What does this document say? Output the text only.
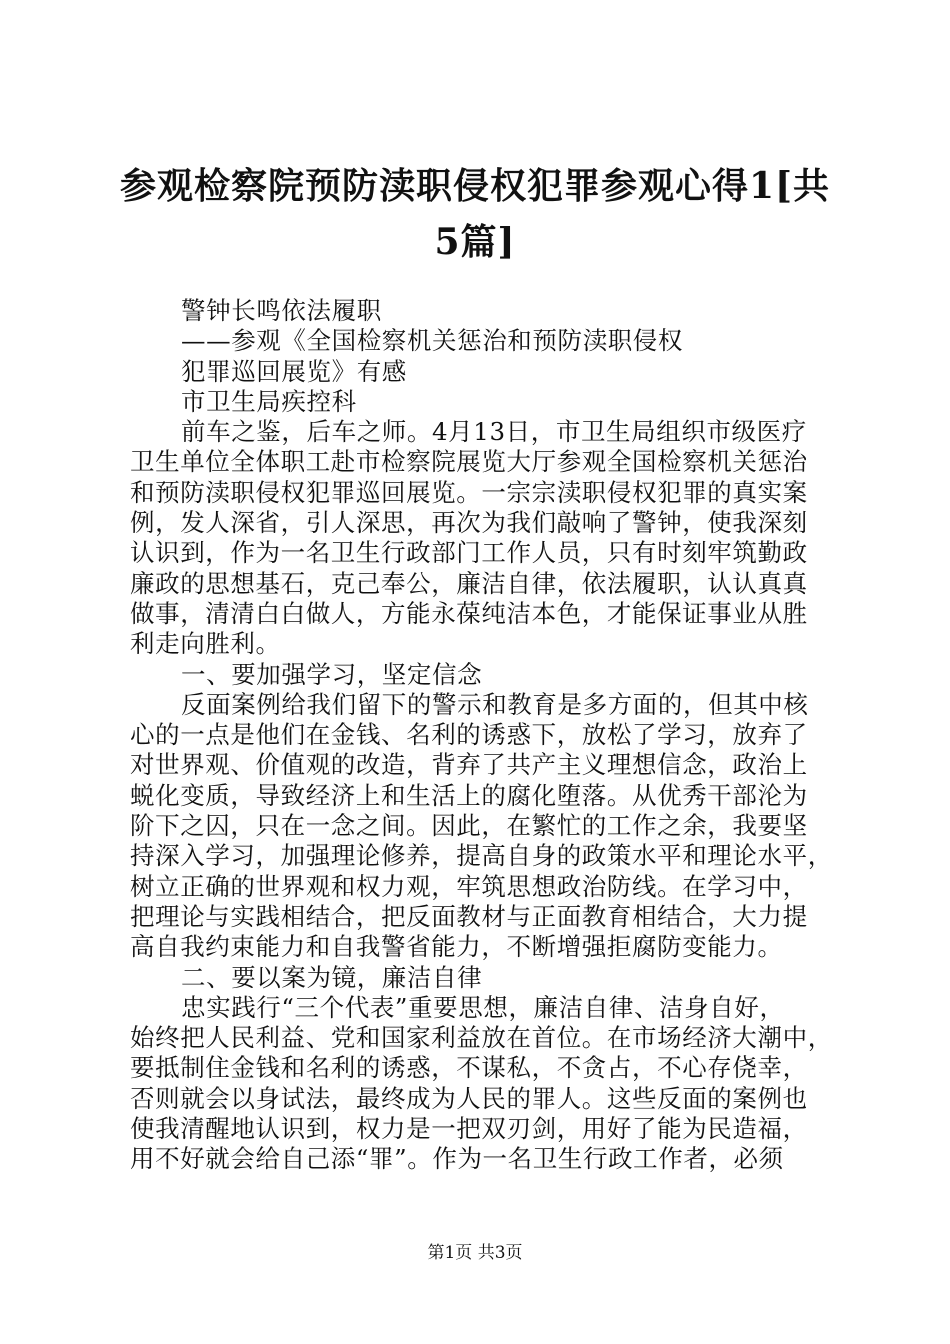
参观检察院预防渎职侵权犯罪参观心得1[共5篇]
警钟长鸣依法履职
——参观《全国检察机关惩治和预防渎职侵权
犯罪巡回展览》有感
市卫生局疾控科
前车之鉴，后车之师。4月13日，市卫生局组织市级医疗
卫生单位全体职工赴市检察院展览大厅参观全国检察机关惩治
和预防渎职侵权犯罪巡回展览。一宗宗渎职侵权犯罪的真实案
例，发人深省，引人深思，再次为我们敲响了警钟，使我深刻
认识到，作为一名卫生行政部门工作人员，只有时刻牢筑勤政
廉政的思想基石，克己奉公，廉洁自律，依法履职，认认真真
做事，清清白白做人，方能永葆纯洁本色，才能保证事业从胜
利走向胜利。
一、要加强学习，坚定信念
反面案例给我们留下的警示和教育是多方面的，但其中核
心的一点是他们在金钱、名利的诱惑下，放松了学习，放弃了
对世界观、价值观的改造，背弃了共产主义理想信念，政治上
蜕化变质，导致经济上和生活上的腐化堕落。从优秀干部沦为
阶下之囚，只在一念之间。因此，在繁忙的工作之余，我要坚
持深入学习，加强理论修养，提高自身的政策水平和理论水平，
树立正确的世界观和权力观，牢筑思想政治防线。在学习中，
把理论与实践相结合，把反面教材与正面教育相结合，大力提
高自我约束能力和自我警省能力，不断增强拒腐防变能力。
二、要以案为镜，廉洁自律
忠实践行“三个代表”重要思想，廉洁自律、洁身自好，
始终把人民利益、党和国家利益放在首位。在市场经济大潮中，
要抵制住金钱和名利的诱惑，不谋私，不贪占，不心存侥幸，
否则就会以身试法，最终成为人民的罪人。这些反面的案例也
使我清醒地认识到，权力是一把双刃剑，用好了能为民造福，
用不好就会给自己添“罪”。作为一名卫生行政工作者，必须
第1页 共3页
